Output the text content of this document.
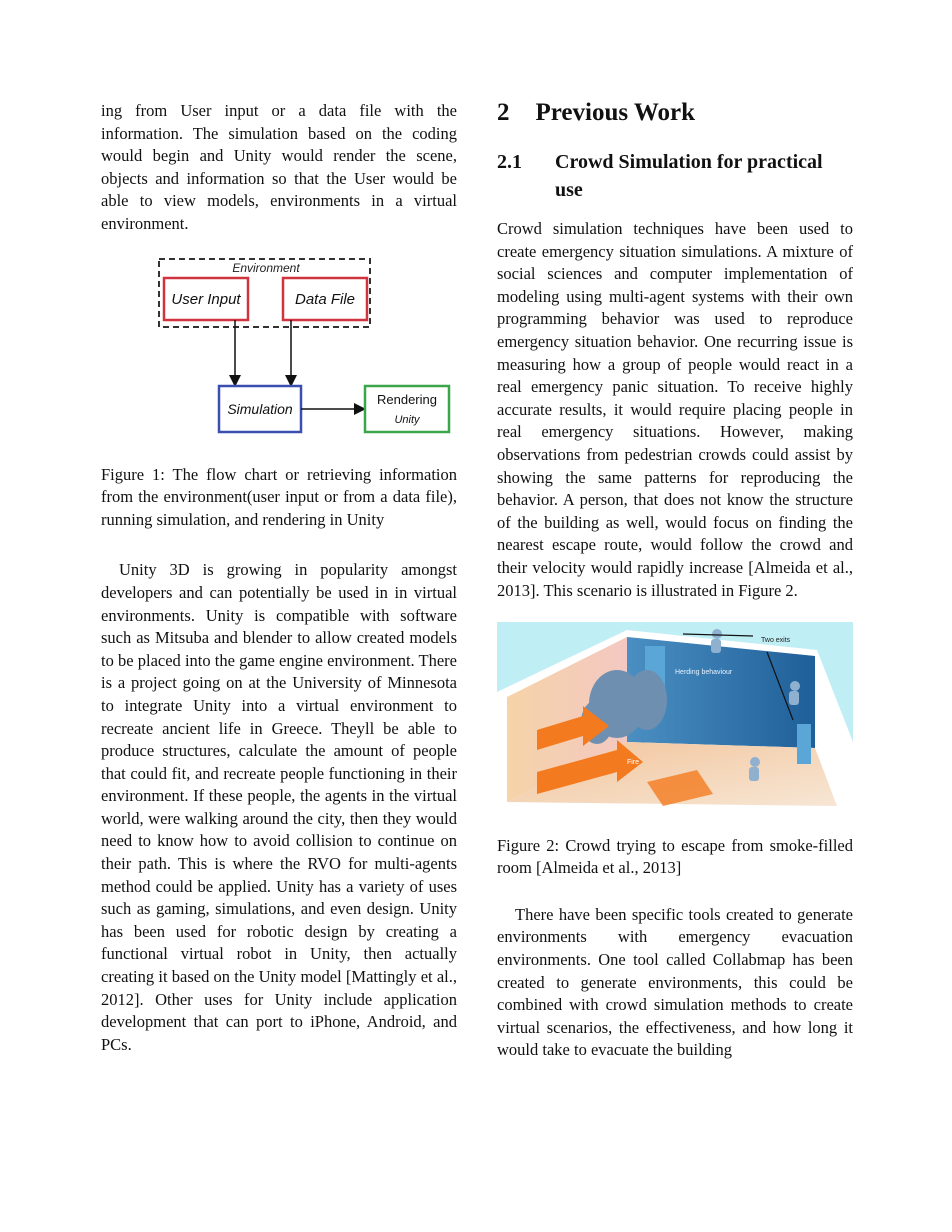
ing from User input or a data file with the information. The simulation based on the coding would begin and Unity would render the scene, objects and information so that the User would be able to view models, environments in a virtual environment.

Environment
User Input	Data File
Simulation
Rendering
Unity

Figure 1: The flow chart or retrieving information from the environment(user input or from a data file), running simulation, and rendering in Unity

Unity 3D is growing in popularity amongst developers and can potentially be used in in virtual environments. Unity is compatible with software such as Mitsuba and blender to allow created models to be placed into the game engine environment. There is a project going on at the University of Minnesota to integrate Unity into a virtual environment to recreate ancient life in Greece. Theyll be able to produce structures, calculate the amount of people that could fit, and recreate people functioning in their environment. If these people, the agents in the virtual world, were walking around the city, then they would need to know how to avoid collision to continue on their path. This is where the RVO for multi-agents method could be applied. Unity has a variety of uses such as gaming, simulations, and even design. Unity has been used for robotic design by creating a functional virtual robot in Unity, then actually creating it based on the Unity model [Mattingly et al., 2012]. Other uses for Unity include application development that can port to iPhone, Android, and PCs.

2 Previous Work
2.1	Crowd Simulation for practical use

Crowd simulation techniques have been used to create emergency situation simulations. A mixture of social sciences and computer implementation of modeling using multi-agent systems with their own programming behavior was used to reproduce emergency situation behavior. One recurring issue is measuring how a group of people would react in a real emergency panic situation. To receive highly accurate results, it would require placing people in real emergency situations. However, making observations from pedestrian crowds could assist by showing the same patterns for reproducing the behavior. A person, that does not know the structure of the building as well, would focus on finding the nearest escape route, would follow the crowd and their velocity would rapidly increase [Almeida et al., 2013]. This scenario is illustrated in Figure 2.

Two exits
Herding behaviour
Fire

Figure 2: Crowd trying to escape from smoke-filled room [Almeida et al., 2013]

There have been specific tools created to generate environments with emergency evacuation environments. One tool called Collabmap has been created to generate environments, this could be combined with crowd simulation methods to create virtual scenarios, the effectiveness, and how long it would take to evacuate the building
